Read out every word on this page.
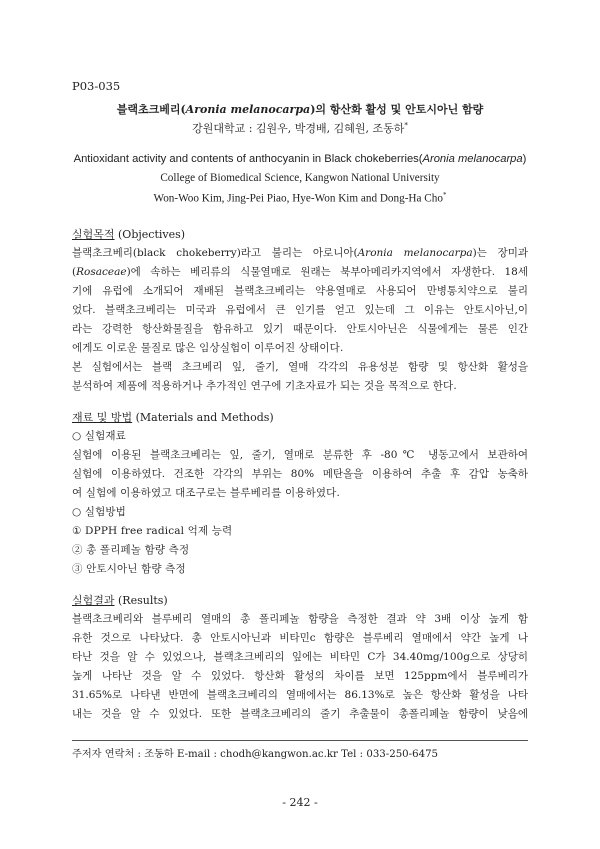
P03-035
블랙초크베리(Aronia melanocarpa)의 항산화 활성 및 안토시아닌 함량
강원대학교 : 김원우, 박경배, 김혜원, 조동하*
Antioxidant activity and contents of anthocyanin in Black chokeberries(Aronia melanocarpa)
College of Biomedical Science, Kangwon National University
Won-Woo Kim, Jing-Pei Piao, Hye-Won Kim and Dong-Ha Cho*
실험목적 (Objectives)
블랙초크베리(black chokeberry)라고 불리는 아로니아(Aronia melanocarpa)는 장미과
(Rosaceae)에 속하는 베리류의 식물열매로 원래는 북부아메리카지역에서 자생한다. 18세
기에 유럽에 소개되어 재배된 블랙초크베리는 약용열매로 사용되어 만병통치약으로 불리
었다. 블랙초크베리는 미국과 유럽에서 큰 인기를 얻고 있는데 그 이유는 안토시아닌,이
라는 강력한 항산화물질을 함유하고 있기 때문이다. 안토시아닌은 식물에게는 물론 인간
에게도 이로운 물질로 많은 임상실험이 이루어진 상태이다.
본 실험에서는 블랙 초크베리 잎, 줄기, 열매 각각의 유용성분 함량 및 항산화 활성을
분석하여 제품에 적용하거나 추가적인 연구에 기초자료가 되는 것을 목적으로 한다.
재료 및 방법 (Materials and Methods)
○ 실험재료
실험에 이용된 블랙초크베리는 잎, 줄기, 열매로 분류한 후 -80℃ 냉동고에서 보관하여
실험에 이용하였다. 건조한 각각의 부위는 80% 메탄올을 이용하여 추출 후 감압 농축하
여 실험에 이용하였고 대조구로는 블루베리를 이용하였다.
○ 실험방법
① DPPH free radical 억제 능력
② 총 폴리페놀 함량 측정
③ 안토시아닌 함량 측정
실험결과 (Results)
블랙초크베리와 블루베리 열매의 총 폴리페놀 함량을 측정한 결과 약 3배 이상 높게 함
유한 것으로 나타났다. 총 안토시아닌과 비타민c 함량은 블루베리 열매에서 약간 높게 나
타난 것을 알 수 있었으나, 블랙초크베리의 잎에는 비타민 C가 34.40mg/100g으로 상당히
높게 나타난 것을 알 수 있었다. 항산화 활성의 차이를 보면 125ppm에서 블루베리가
31.65%로 나타낸 반면에 블랙초크베리의 열매에서는 86.13%로 높은 항산화 활성을 나타
내는 것을 알 수 있었다. 또한 블랙초크베리의 줄기 추출물이 총폴리페놀 함량이 낮음에
주저자 연락처 : 조동하 E-mail : chodh@kangwon.ac.kr Tel : 033-250-6475
- 242 -
